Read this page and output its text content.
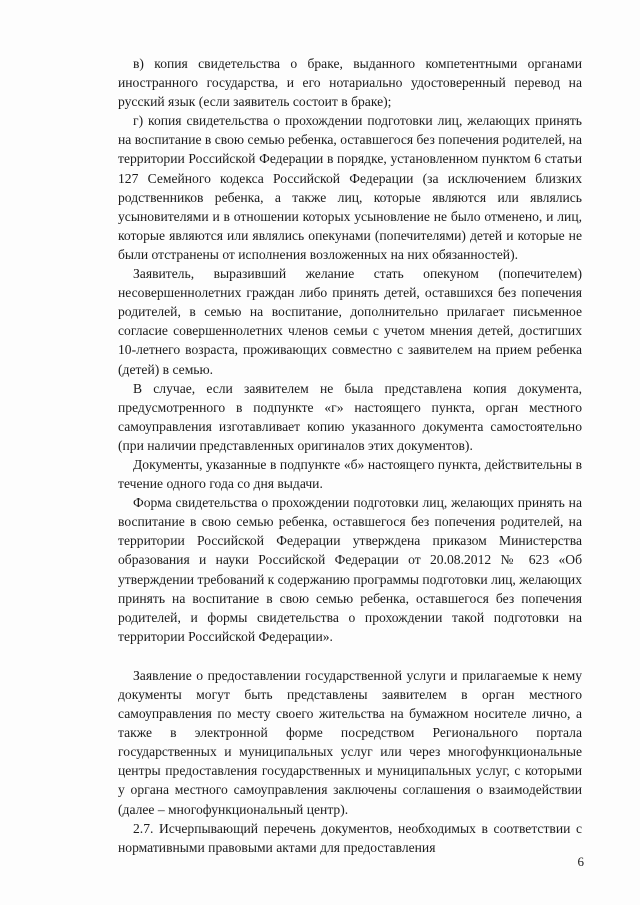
в) копия свидетельства о браке, выданного компетентными органами иностранного государства, и его нотариально удостоверенный перевод на русский язык (если заявитель состоит в браке);

г) копия свидетельства о прохождении подготовки лиц, желающих принять на воспитание в свою семью ребенка, оставшегося без попечения родителей, на территории Российской Федерации в порядке, установленном пунктом 6 статьи 127 Семейного кодекса Российской Федерации (за исключением близких родственников ребенка, а также лиц, которые являются или являлись усыновителями и в отношении которых усыновление не было отменено, и лиц, которые являются или являлись опекунами (попечителями) детей и которые не были отстранены от исполнения возложенных на них обязанностей).

Заявитель, выразивший желание стать опекуном (попечителем) несовершеннолетних граждан либо принять детей, оставшихся без попечения родителей, в семью на воспитание, дополнительно прилагает письменное согласие совершеннолетних членов семьи с учетом мнения детей, достигших 10-летнего возраста, проживающих совместно с заявителем на прием ребенка (детей) в семью.

В случае, если заявителем не была представлена копия документа, предусмотренного в подпункте «г» настоящего пункта, орган местного самоуправления изготавливает копию указанного документа самостоятельно (при наличии представленных оригиналов этих документов).

Документы, указанные в подпункте «б» настоящего пункта, действительны в течение одного года со дня выдачи.

Форма свидетельства о прохождении подготовки лиц, желающих принять на воспитание в свою семью ребенка, оставшегося без попечения родителей, на территории Российской Федерации утверждена приказом Министерства образования и науки Российской Федерации от 20.08.2012 № 623 «Об утверждении требований к содержанию программы подготовки лиц, желающих принять на воспитание в свою семью ребенка, оставшегося без попечения родителей, и формы свидетельства о прохождении такой подготовки на территории Российской Федерации».

Заявление о предоставлении государственной услуги и прилагаемые к нему документы могут быть представлены заявителем в орган местного самоуправления по месту своего жительства на бумажном носителе лично, а также в электронной форме посредством Регионального портала государственных и муниципальных услуг или через многофункциональные центры предоставления государственных и муниципальных услуг, с которыми у органа местного самоуправления заключены соглашения о взаимодействии (далее – многофункциональный центр).

2.7. Исчерпывающий перечень документов, необходимых в соответствии с нормативными правовыми актами для предоставления

6
